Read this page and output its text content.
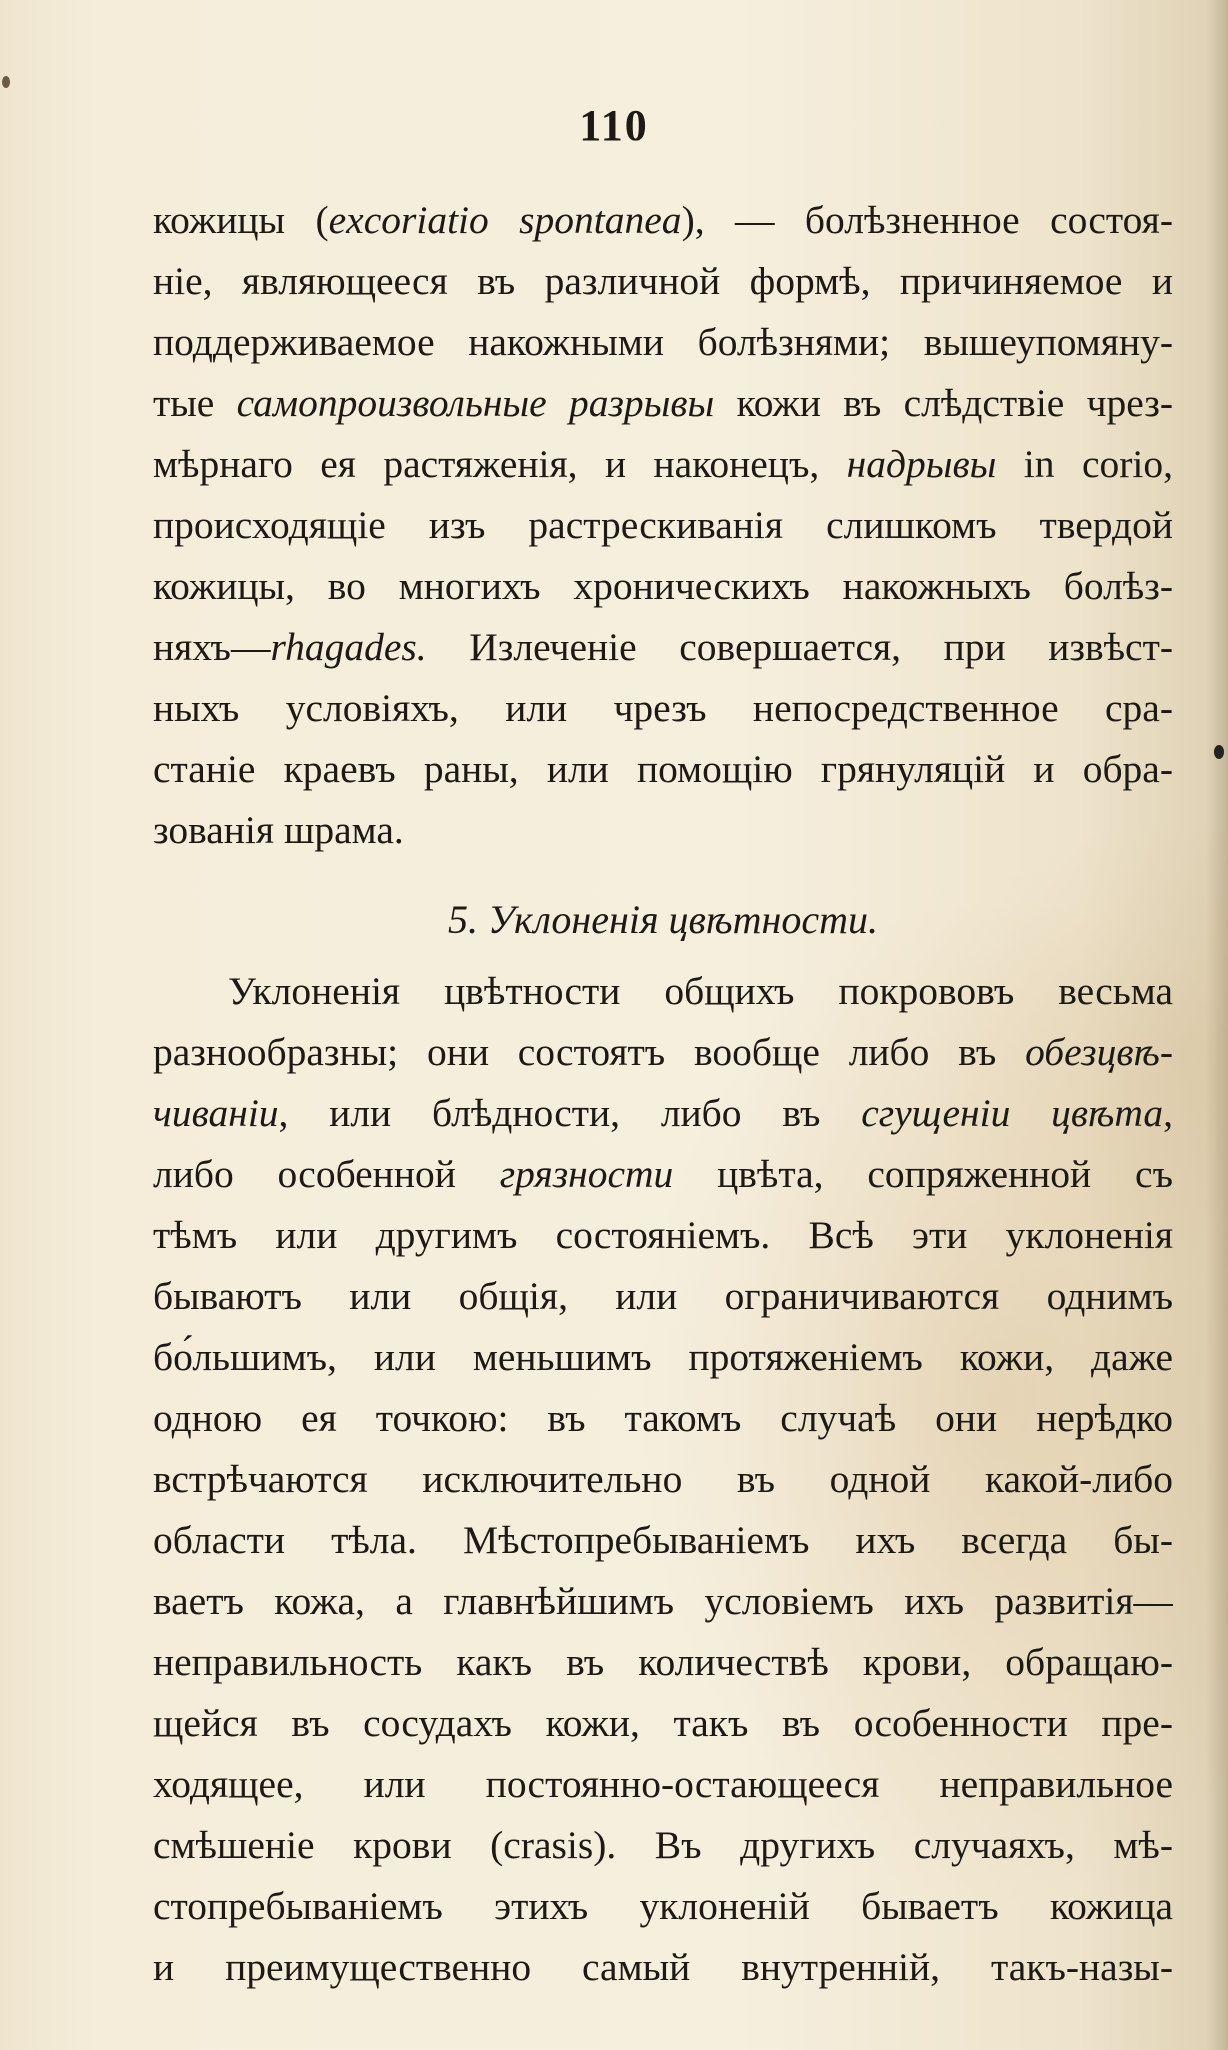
110
кожицы (excoriatio spontanea), — болѣзненное состоя-
ніе, являющееся въ различной формѣ, причиняемое и
поддерживаемое накожными болѣзнями; вышеупомяну-
тые самопроизвольные разрывы кожи въ слѣдствіе чрез-
мѣрнаго ея растяженія, и наконецъ, надрывы in corio,
происходящіе изъ растрескиванія слишкомъ твердой
кожицы, во многихъ хроническихъ накожныхъ болѣз-
няхъ—rhagades. Излеченіе совершается, при извѣст-
ныхъ условіяхъ, или чрезъ непосредственное сра-
станіе краевъ раны, или помощію грянуляцій и обра-
зованія шрама.
5. Уклоненія цвѣтности.
Уклоненія цвѣтности общихъ покрововъ весьма
разнообразны; они состоятъ вообще либо въ обезцвѣ-
чиваніи, или блѣдности, либо въ сгущеніи цвѣта,
либо особенной грязности цвѣта, сопряженной съ
тѣмъ или другимъ состояніемъ. Всѣ эти уклоненія
бываютъ или общія, или ограничиваются однимъ
бо́льшимъ, или меньшимъ протяженіемъ кожи, даже
одною ея точкою: въ такомъ случаѣ они нерѣдко
встрѣчаются исключительно въ одной какой-либо
области тѣла. Мѣстопребываніемъ ихъ всегда бы-
ваетъ кожа, а главнѣйшимъ условіемъ ихъ развитія—
неправильность какъ въ количествѣ крови, обращаю-
щейся въ сосудахъ кожи, такъ въ особенности пре-
ходящее, или постоянно-остающееся неправильное
смѣшеніе крови (crasis). Въ другихъ случаяхъ, мѣ-
стопребываніемъ этихъ уклоненій бываетъ кожица
и преимущественно самый внутренній, такъ-назы-
